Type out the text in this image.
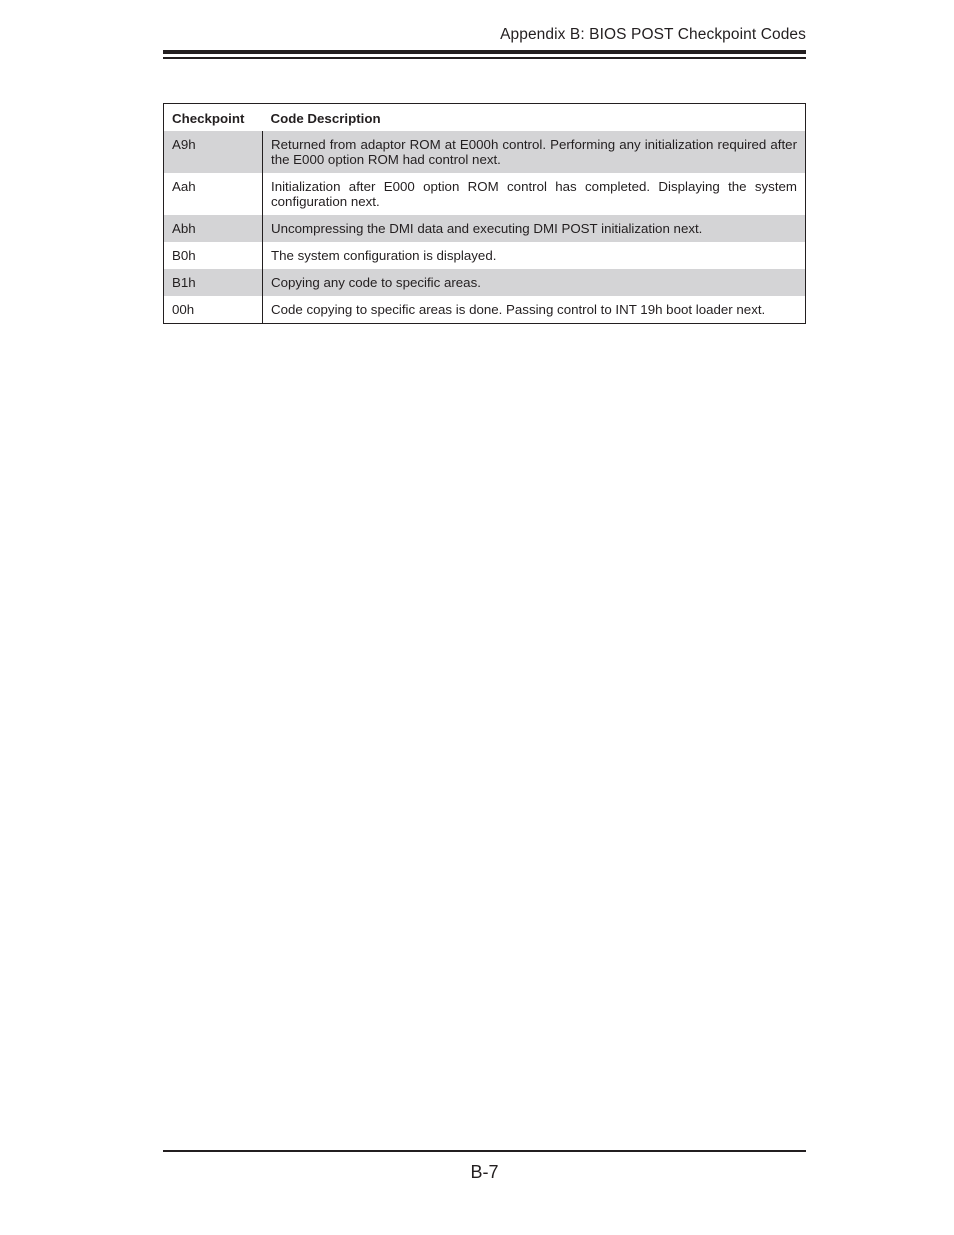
Appendix B: BIOS POST Checkpoint Codes
Checkpoint	Code Description
A9h	Returned from adaptor ROM at E000h control. Performing any initialization required after the E000 option ROM had control next.
Aah	Initialization after E000 option ROM control has completed. Displaying the system configuration next.
Abh	Uncompressing the DMI data and executing DMI POST initialization next.
B0h	The system configuration is displayed.
B1h	Copying any code to specific areas.
00h	Code copying to specific areas is done. Passing control to INT 19h boot loader next.
B-7
